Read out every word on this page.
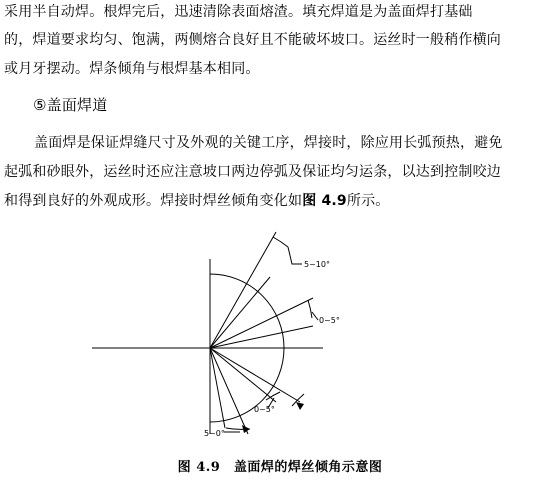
采用半自动焊。根焊完后，迅速清除表面熔渣。填充焊道是为盖面焊打基础
的，焊道要求均匀、饱满，两侧熔合良好且不能破坏坡口。运丝时一般稍作横向
或月牙摆动。焊条倾角与根焊基本相同。
⑤盖面焊道
盖面焊是保证焊缝尺寸及外观的关键工序，焊接时，除应用长弧预热，避免
起弧和砂眼外，运丝时还应注意坡口两边停弧及保证均匀运条，以达到控制咬边
和得到良好的外观成形。焊接时焊丝倾角变化如图 4.9所示。
5~10°
0~5°
0~5°
5~0°
图 4.9　盖面焊的焊丝倾角示意图
